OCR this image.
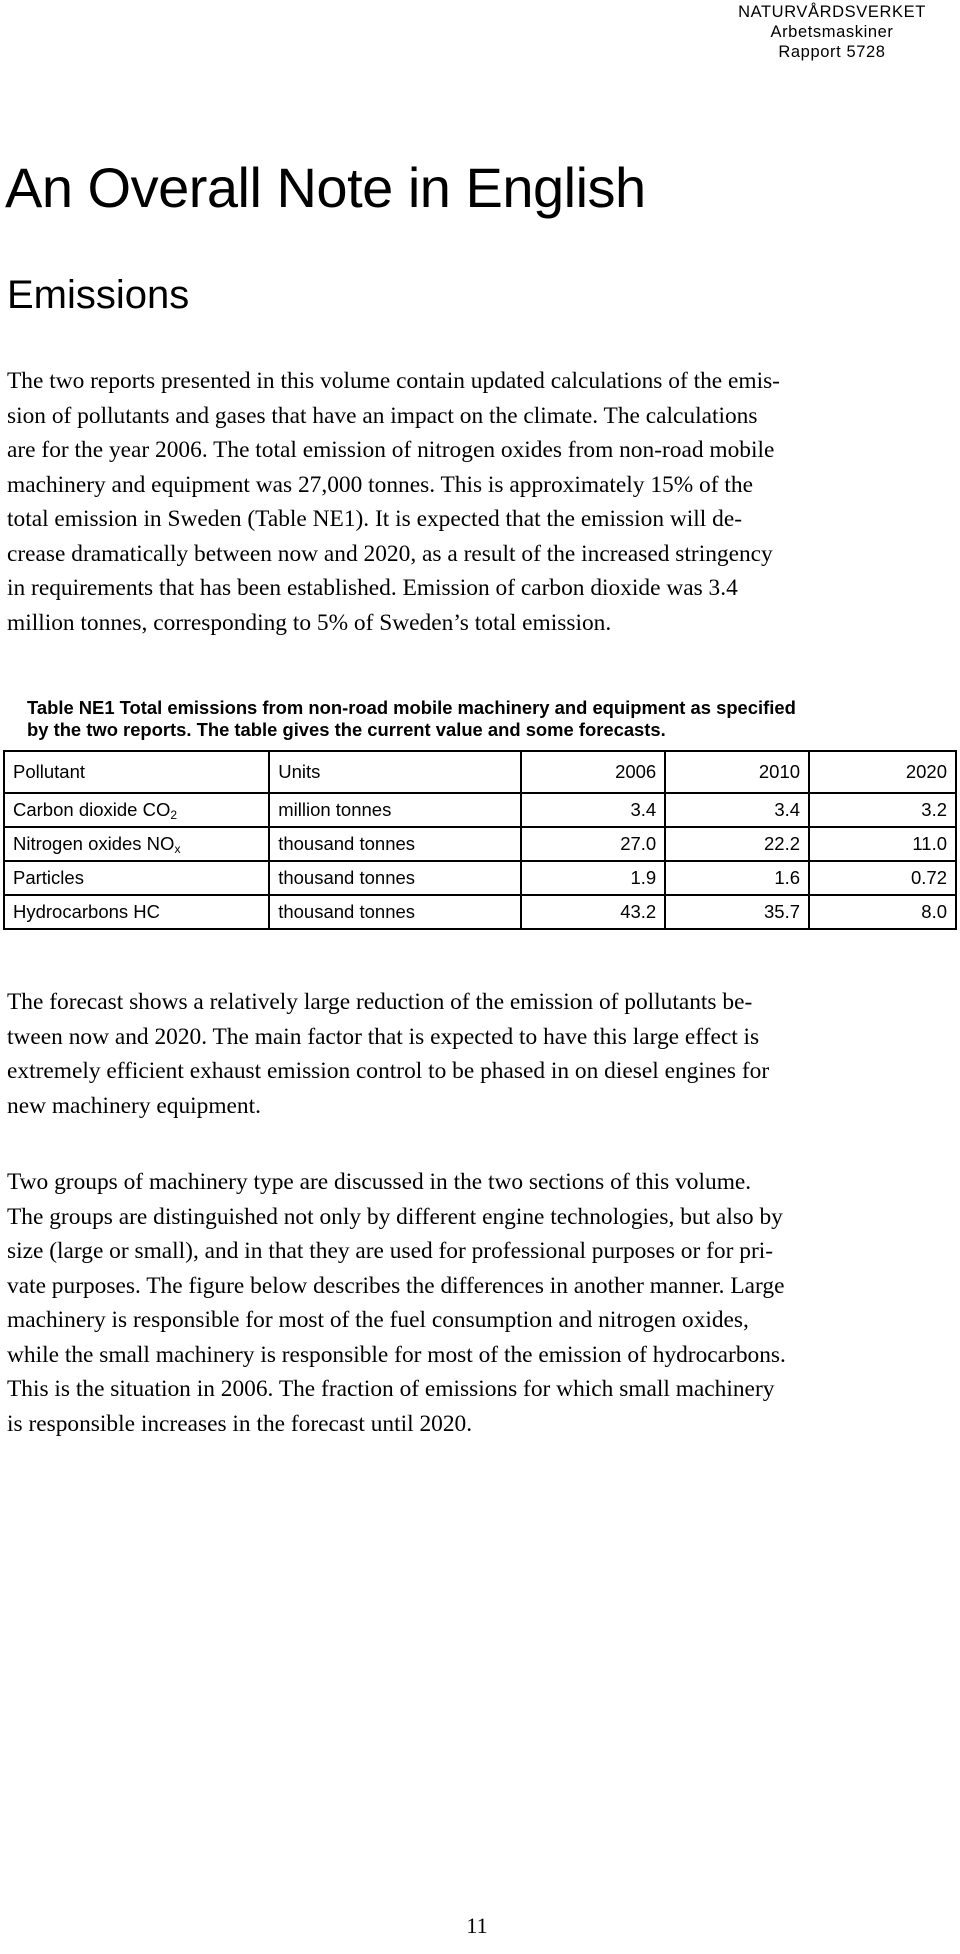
NATURVÅRDSVERKET
Arbetsmaskiner
Rapport 5728
An Overall Note in English
Emissions

The two reports presented in this volume contain updated calculations of the emis-
sion of pollutants and gases that have an impact on the climate. The calculations
are for the year 2006. The total emission of nitrogen oxides from non-road mobile
machinery and equipment was 27,000 tonnes. This is approximately 15% of the
total emission in Sweden (Table NE1). It is expected that the emission will de-
crease dramatically between now and 2020, as a result of the increased stringency
in requirements that has been established. Emission of carbon dioxide was 3.4
million tonnes, corresponding to 5% of Sweden’s total emission.

Table NE1 Total emissions from non-road mobile machinery and equipment as specified
by the two reports. The table gives the current value and some forecasts.

Pollutant	Units	2006	2010	2020
Carbon dioxide $CO_2$	million tonnes	3.4	3.4	3.2
Nitrogen oxides $NO_x$	thousand tonnes	27.0	22.2	11.0
Particles	thousand tonnes	1.9	1.6	0.72
Hydrocarbons HC	thousand tonnes	43.2	35.7	8.0

The forecast shows a relatively large reduction of the emission of pollutants be-
tween now and 2020. The main factor that is expected to have this large effect is
extremely efficient exhaust emission control to be phased in on diesel engines for
new machinery equipment.

Two groups of machinery type are discussed in the two sections of this volume.
The groups are distinguished not only by different engine technologies, but also by
size (large or small), and in that they are used for professional purposes or for pri-
vate purposes. The figure below describes the differences in another manner. Large
machinery is responsible for most of the fuel consumption and nitrogen oxides,
while the small machinery is responsible for most of the emission of hydrocarbons.
This is the situation in 2006. The fraction of emissions for which small machinery
is responsible increases in the forecast until 2020.

11
